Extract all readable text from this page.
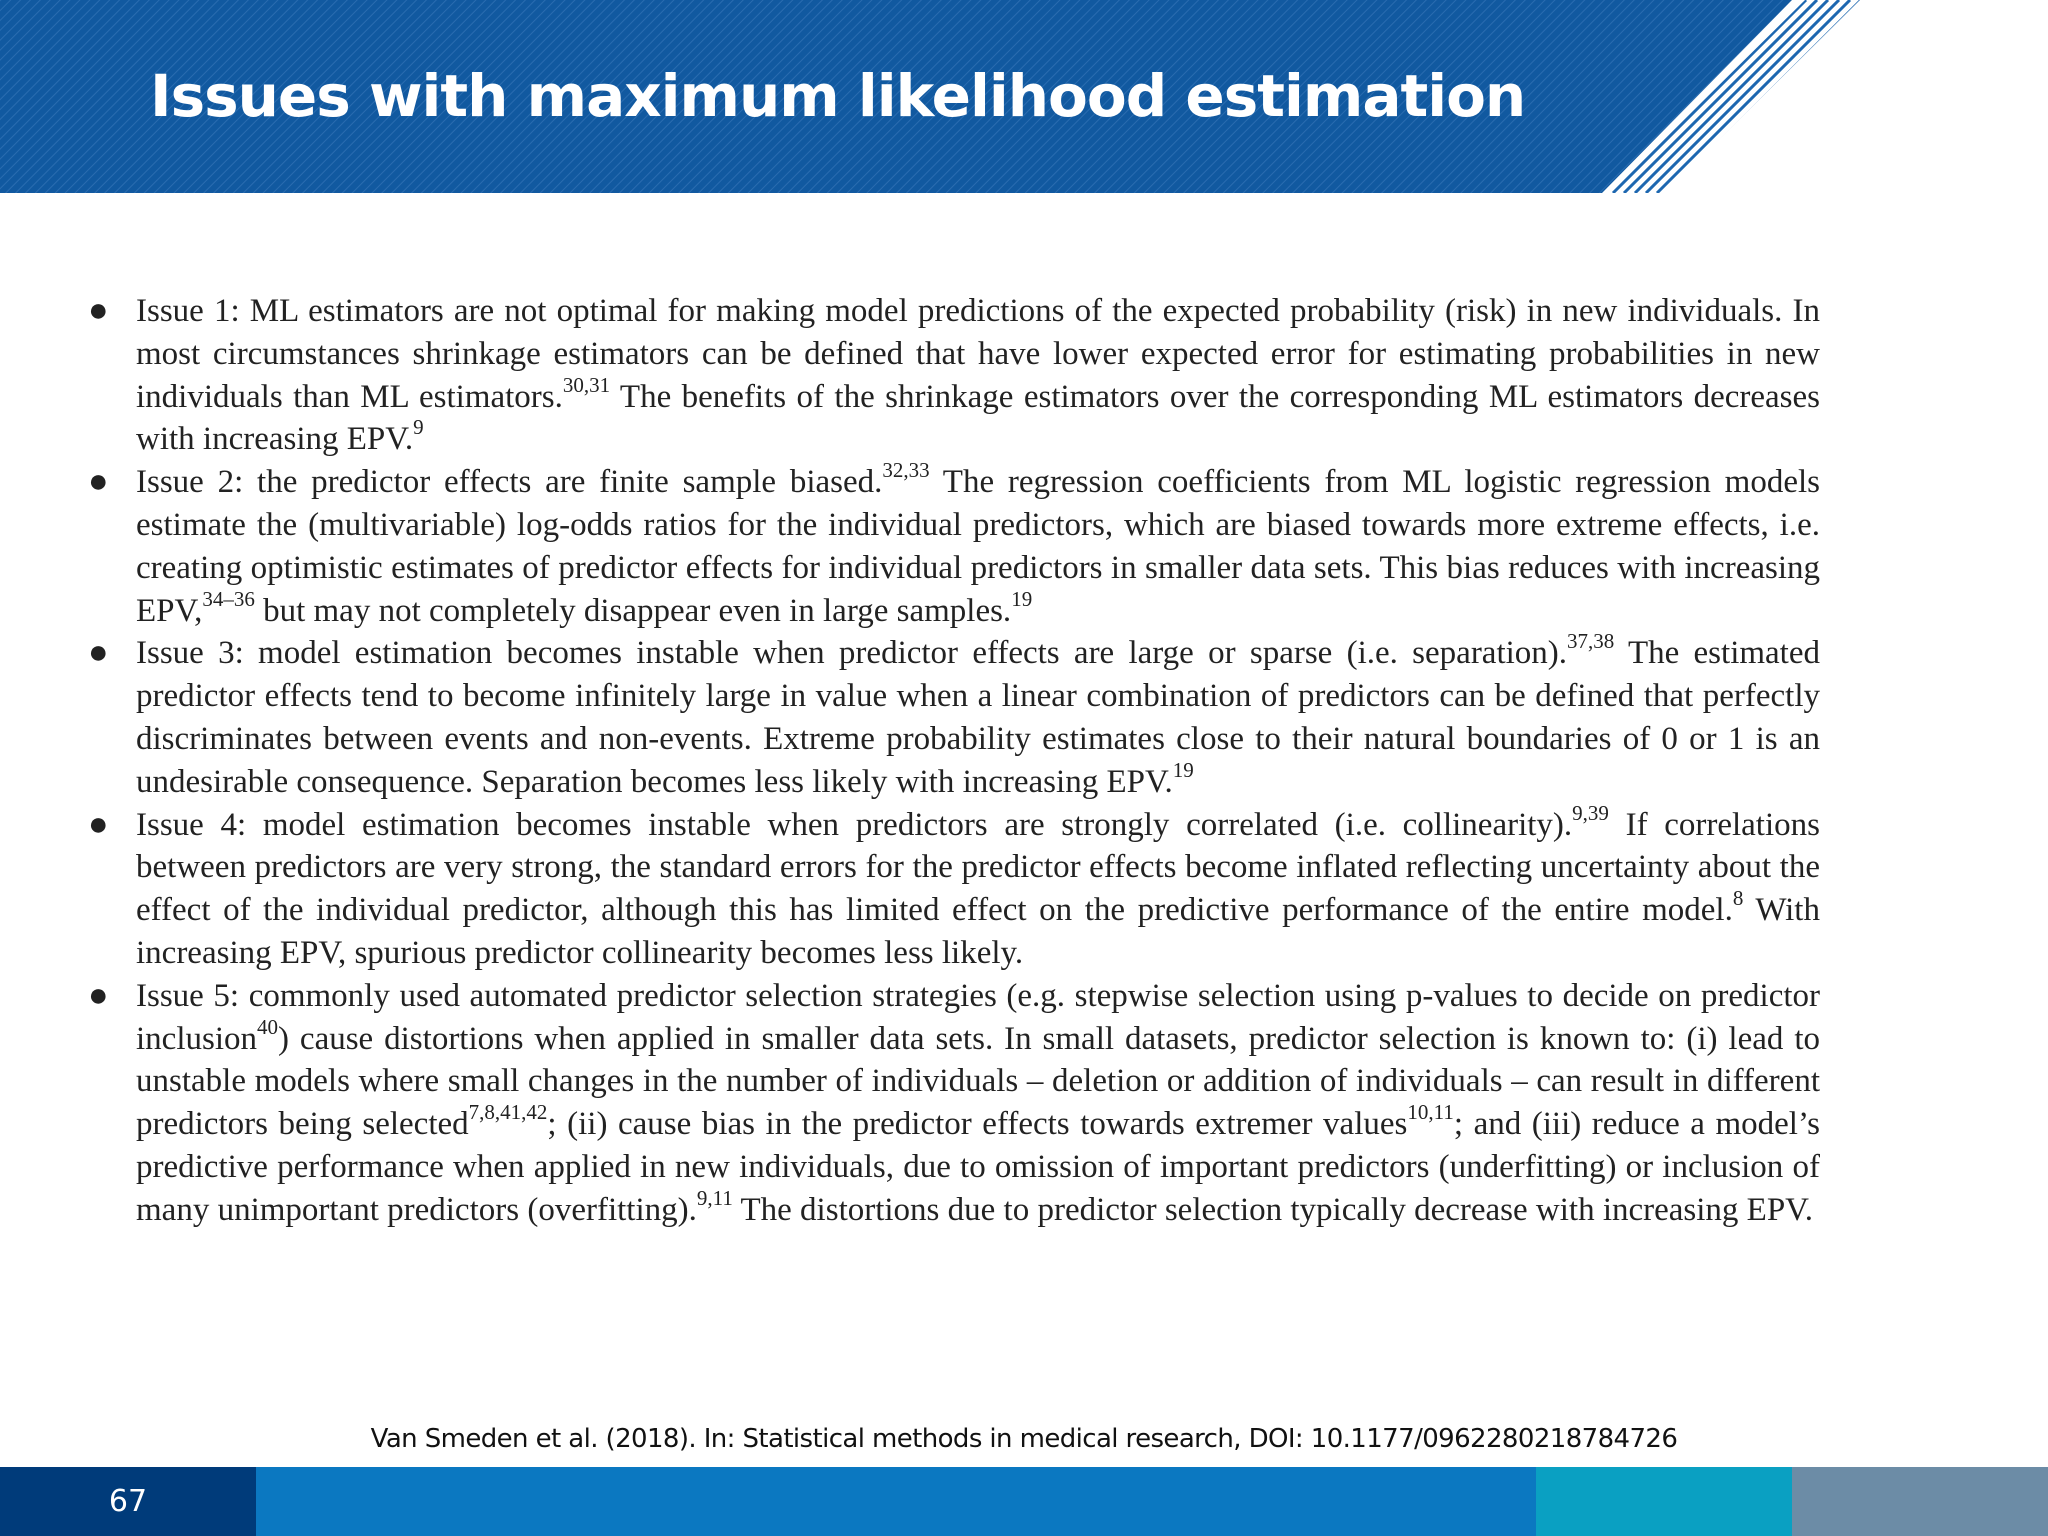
Issues with maximum likelihood estimation
● Issue 1: ML estimators are not optimal for making model predictions of the expected probability (risk) in new individuals. In most circumstances shrinkage estimators can be defined that have lower expected error for estimating probabilities in new individuals than ML estimators.$^{30,31}$ The benefits of the shrinkage estimators over the corresponding ML estimators decreases with increasing EPV.$^9$
● Issue 2: the predictor effects are finite sample biased.$^{32,33}$ The regression coefficients from ML logistic regression models estimate the (multivariable) log-odds ratios for the individual predictors, which are biased towards more extreme effects, i.e. creating optimistic estimates of predictor effects for individual predictors in smaller data sets. This bias reduces with increasing EPV,$^{34-36}$ but may not completely disappear even in large samples.$^{19}$
● Issue 3: model estimation becomes instable when predictor effects are large or sparse (i.e. separation).$^{37,38}$ The estimated predictor effects tend to become infinitely large in value when a linear combination of predictors can be defined that perfectly discriminates between events and non-events. Extreme probability estimates close to their natural boundaries of 0 or 1 is an undesirable consequence. Separation becomes less likely with increasing EPV.$^{19}$
● Issue 4: model estimation becomes instable when predictors are strongly correlated (i.e. collinearity).$^{9,39}$ If correlations between predictors are very strong, the standard errors for the predictor effects become inflated reflecting uncertainty about the effect of the individual predictor, although this has limited effect on the predictive performance of the entire model.$^8$ With increasing EPV, spurious predictor collinearity becomes less likely.
● Issue 5: commonly used automated predictor selection strategies (e.g. stepwise selection using p-values to decide on predictor inclusion$^{40}$) cause distortions when applied in smaller data sets. In small datasets, predictor selection is known to: (i) lead to unstable models where small changes in the number of individuals – deletion or addition of individuals – can result in different predictors being selected$^{7,8,41,42}$; (ii) cause bias in the predictor effects towards extremer values$^{10,11}$; and (iii) reduce a model’s predictive performance when applied in new individuals, due to omission of important predictors (underfitting) or inclusion of many unimportant predictors (overfitting).$^{9,11}$ The distortions due to predictor selection typically decrease with increasing EPV.
Van Smeden et al. (2018). In: Statistical methods in medical research, DOI: 10.1177/0962280218784726
67
